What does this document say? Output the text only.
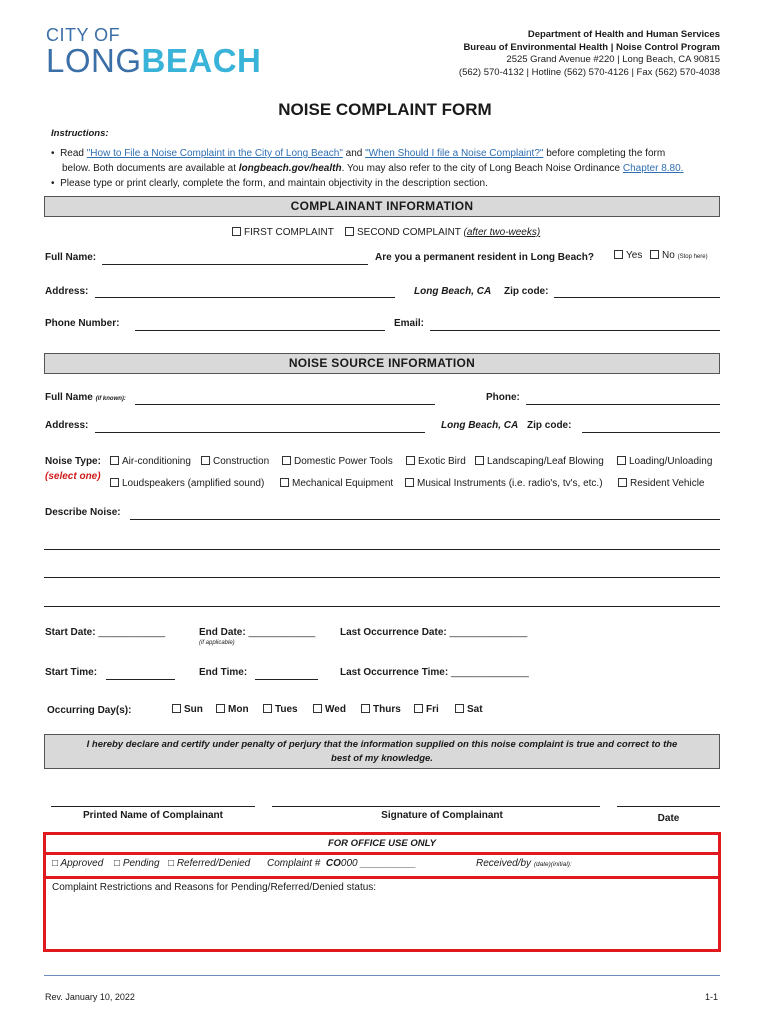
CITY OF
LONGBEACH
Department of Health and Human Services
Bureau of Environmental Health | Noise Control Program
2525 Grand Avenue #220 | Long Beach, CA 90815
(562) 570-4132 | Hotline (562) 570-4126 | Fax (562) 570-4038
NOISE COMPLAINT FORM
Instructions:
•  Read "How to File a Noise Complaint in the City of Long Beach" and "When Should I file a Noise Complaint?" before completing the form
below. Both documents are available at longbeach.gov/health. You may also refer to the city of Long Beach Noise Ordinance Chapter 8.80.
•  Please type or print clearly, complete the form, and maintain objectivity in the description section.
COMPLAINANT INFORMATION
FIRST COMPLAINT	SECOND COMPLAINT (after two-weeks)
Full Name:	Are you a permanent resident in Long Beach?	Yes	No (Stop here)
Address:	Long Beach, CA Zip code:
Phone Number:	Email:
NOISE SOURCE INFORMATION
Full Name (if known):	Phone:
Address:	Long Beach, CA Zip code:
Noise Type:
(select one)
Air-conditioning	Construction	Domestic Power Tools	Exotic Bird	Landscaping/Leaf Blowing	Loading/Unloading
Loudspeakers (amplified sound)	Mechanical Equipment	Musical Instruments (i.e. radio's, tv's, etc.)	Resident Vehicle
Describe Noise:
Start Date: ____________	End Date: ____________
(if applicable)
Last Occurrence Date: ______________
Start Time:	End Time:	Last Occurrence Time: ______________
Occurring Day(s):	Sun	Mon	Tues	Wed	Thurs	Fri	Sat
I hereby declare and certify under penalty of perjury that the information supplied on this noise complaint is true and correct to the best of my knowledge.
Printed Name of Complainant	Signature of Complainant	Date
FOR OFFICE USE ONLY
□ Approved □ Pending □ Referred/Denied Complaint # CO000 __________	Received/by (date)(initial):
Complaint Restrictions and Reasons for Pending/Referred/Denied status:
Rev. January 10, 2022	1-1
